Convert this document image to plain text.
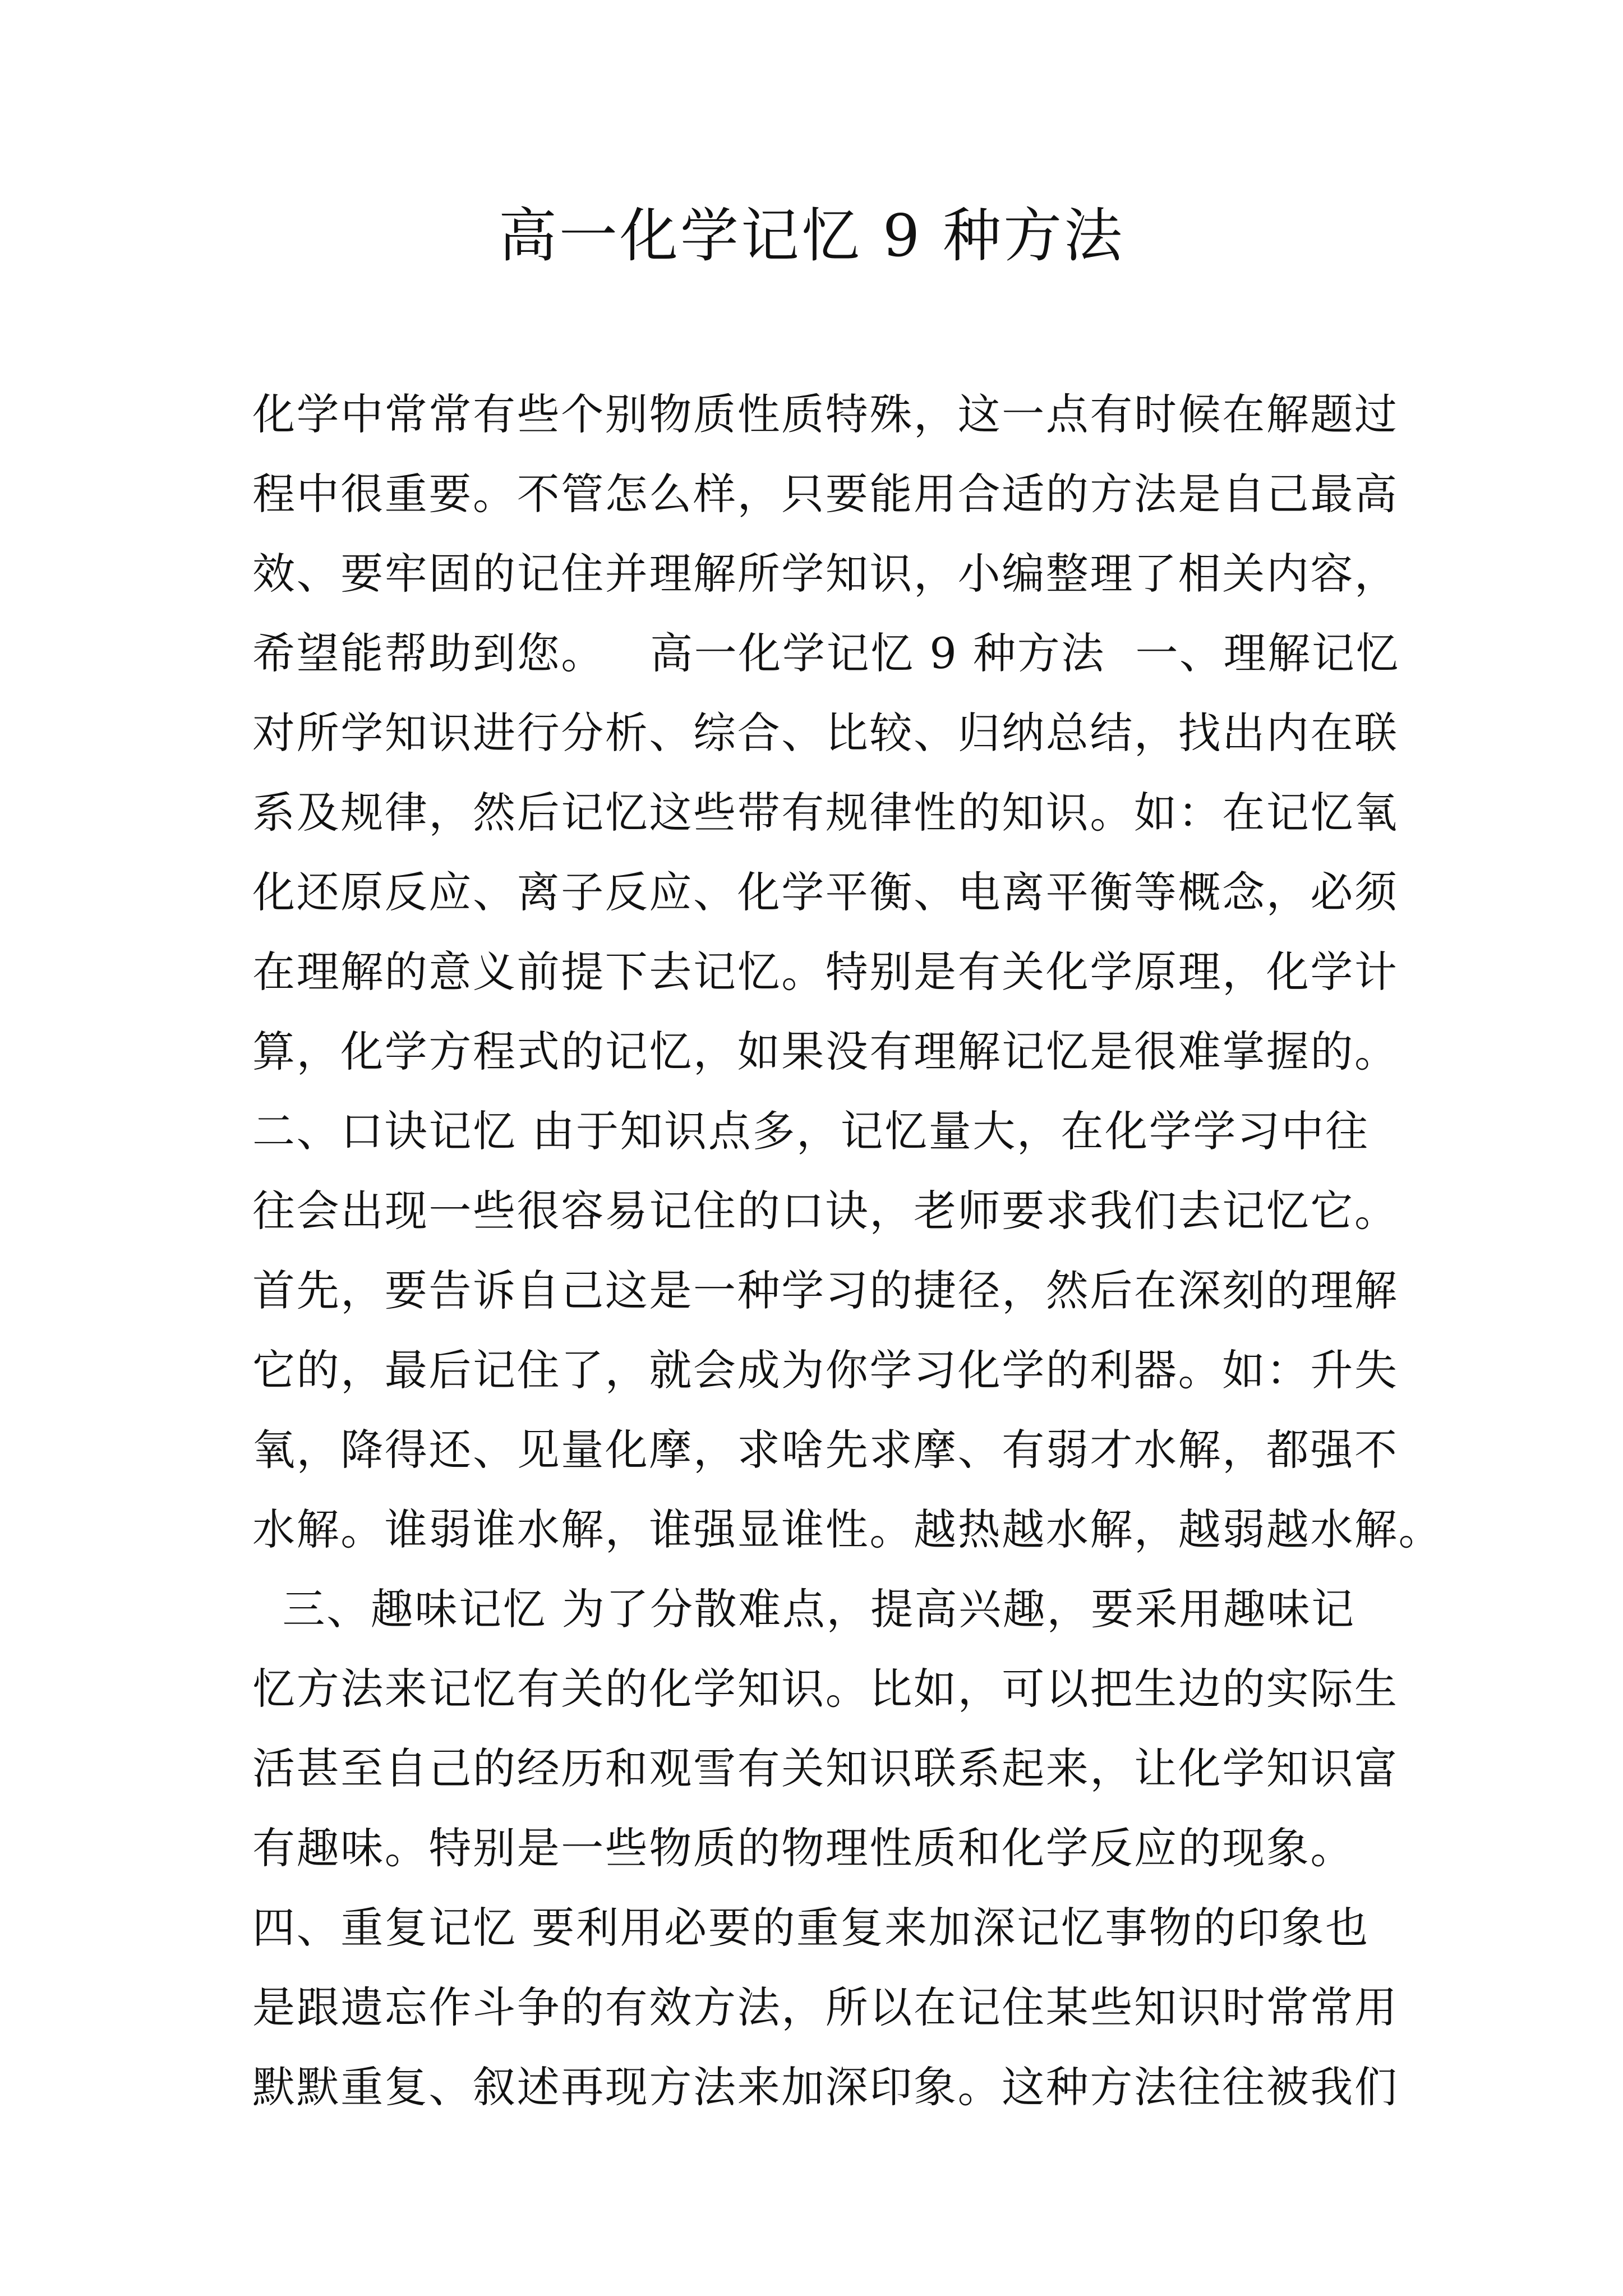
高一化学记忆 9 种方法
化学中常常有些个别物质性质特殊，这一点有时候在解题过
程中很重要。不管怎么样，只要能用合适的方法是自己最高
效、要牢固的记住并理解所学知识，小编整理了相关内容，
希望能帮助到您。   高一化学记忆 9 种方法  一、理解记忆
对所学知识进行分析、综合、比较、归纳总结，找出内在联
系及规律，然后记忆这些带有规律性的知识。如：在记忆氧
化还原反应、离子反应、化学平衡、电离平衡等概念，必须
在理解的意义前提下去记忆。特别是有关化学原理，化学计
算，化学方程式的记忆，如果没有理解记忆是很难掌握的。
二、口诀记忆 由于知识点多，记忆量大，在化学学习中往
往会出现一些很容易记住的口诀，老师要求我们去记忆它。
首先，要告诉自己这是一种学习的捷径，然后在深刻的理解
它的，最后记住了，就会成为你学习化学的利器。如：升失
氧，降得还、见量化摩，求啥先求摩、有弱才水解，都强不
水解。谁弱谁水解，谁强显谁性。越热越水解，越弱越水解。
三、趣味记忆 为了分散难点，提高兴趣，要采用趣味记
忆方法来记忆有关的化学知识。比如，可以把生边的实际生
活甚至自己的经历和观雪有关知识联系起来，让化学知识富
有趣味。特别是一些物质的物理性质和化学反应的现象。
四、重复记忆 要利用必要的重复来加深记忆事物的印象也
是跟遗忘作斗争的有效方法，所以在记住某些知识时常常用
默默重复、叙述再现方法来加深印象。这种方法往往被我们
